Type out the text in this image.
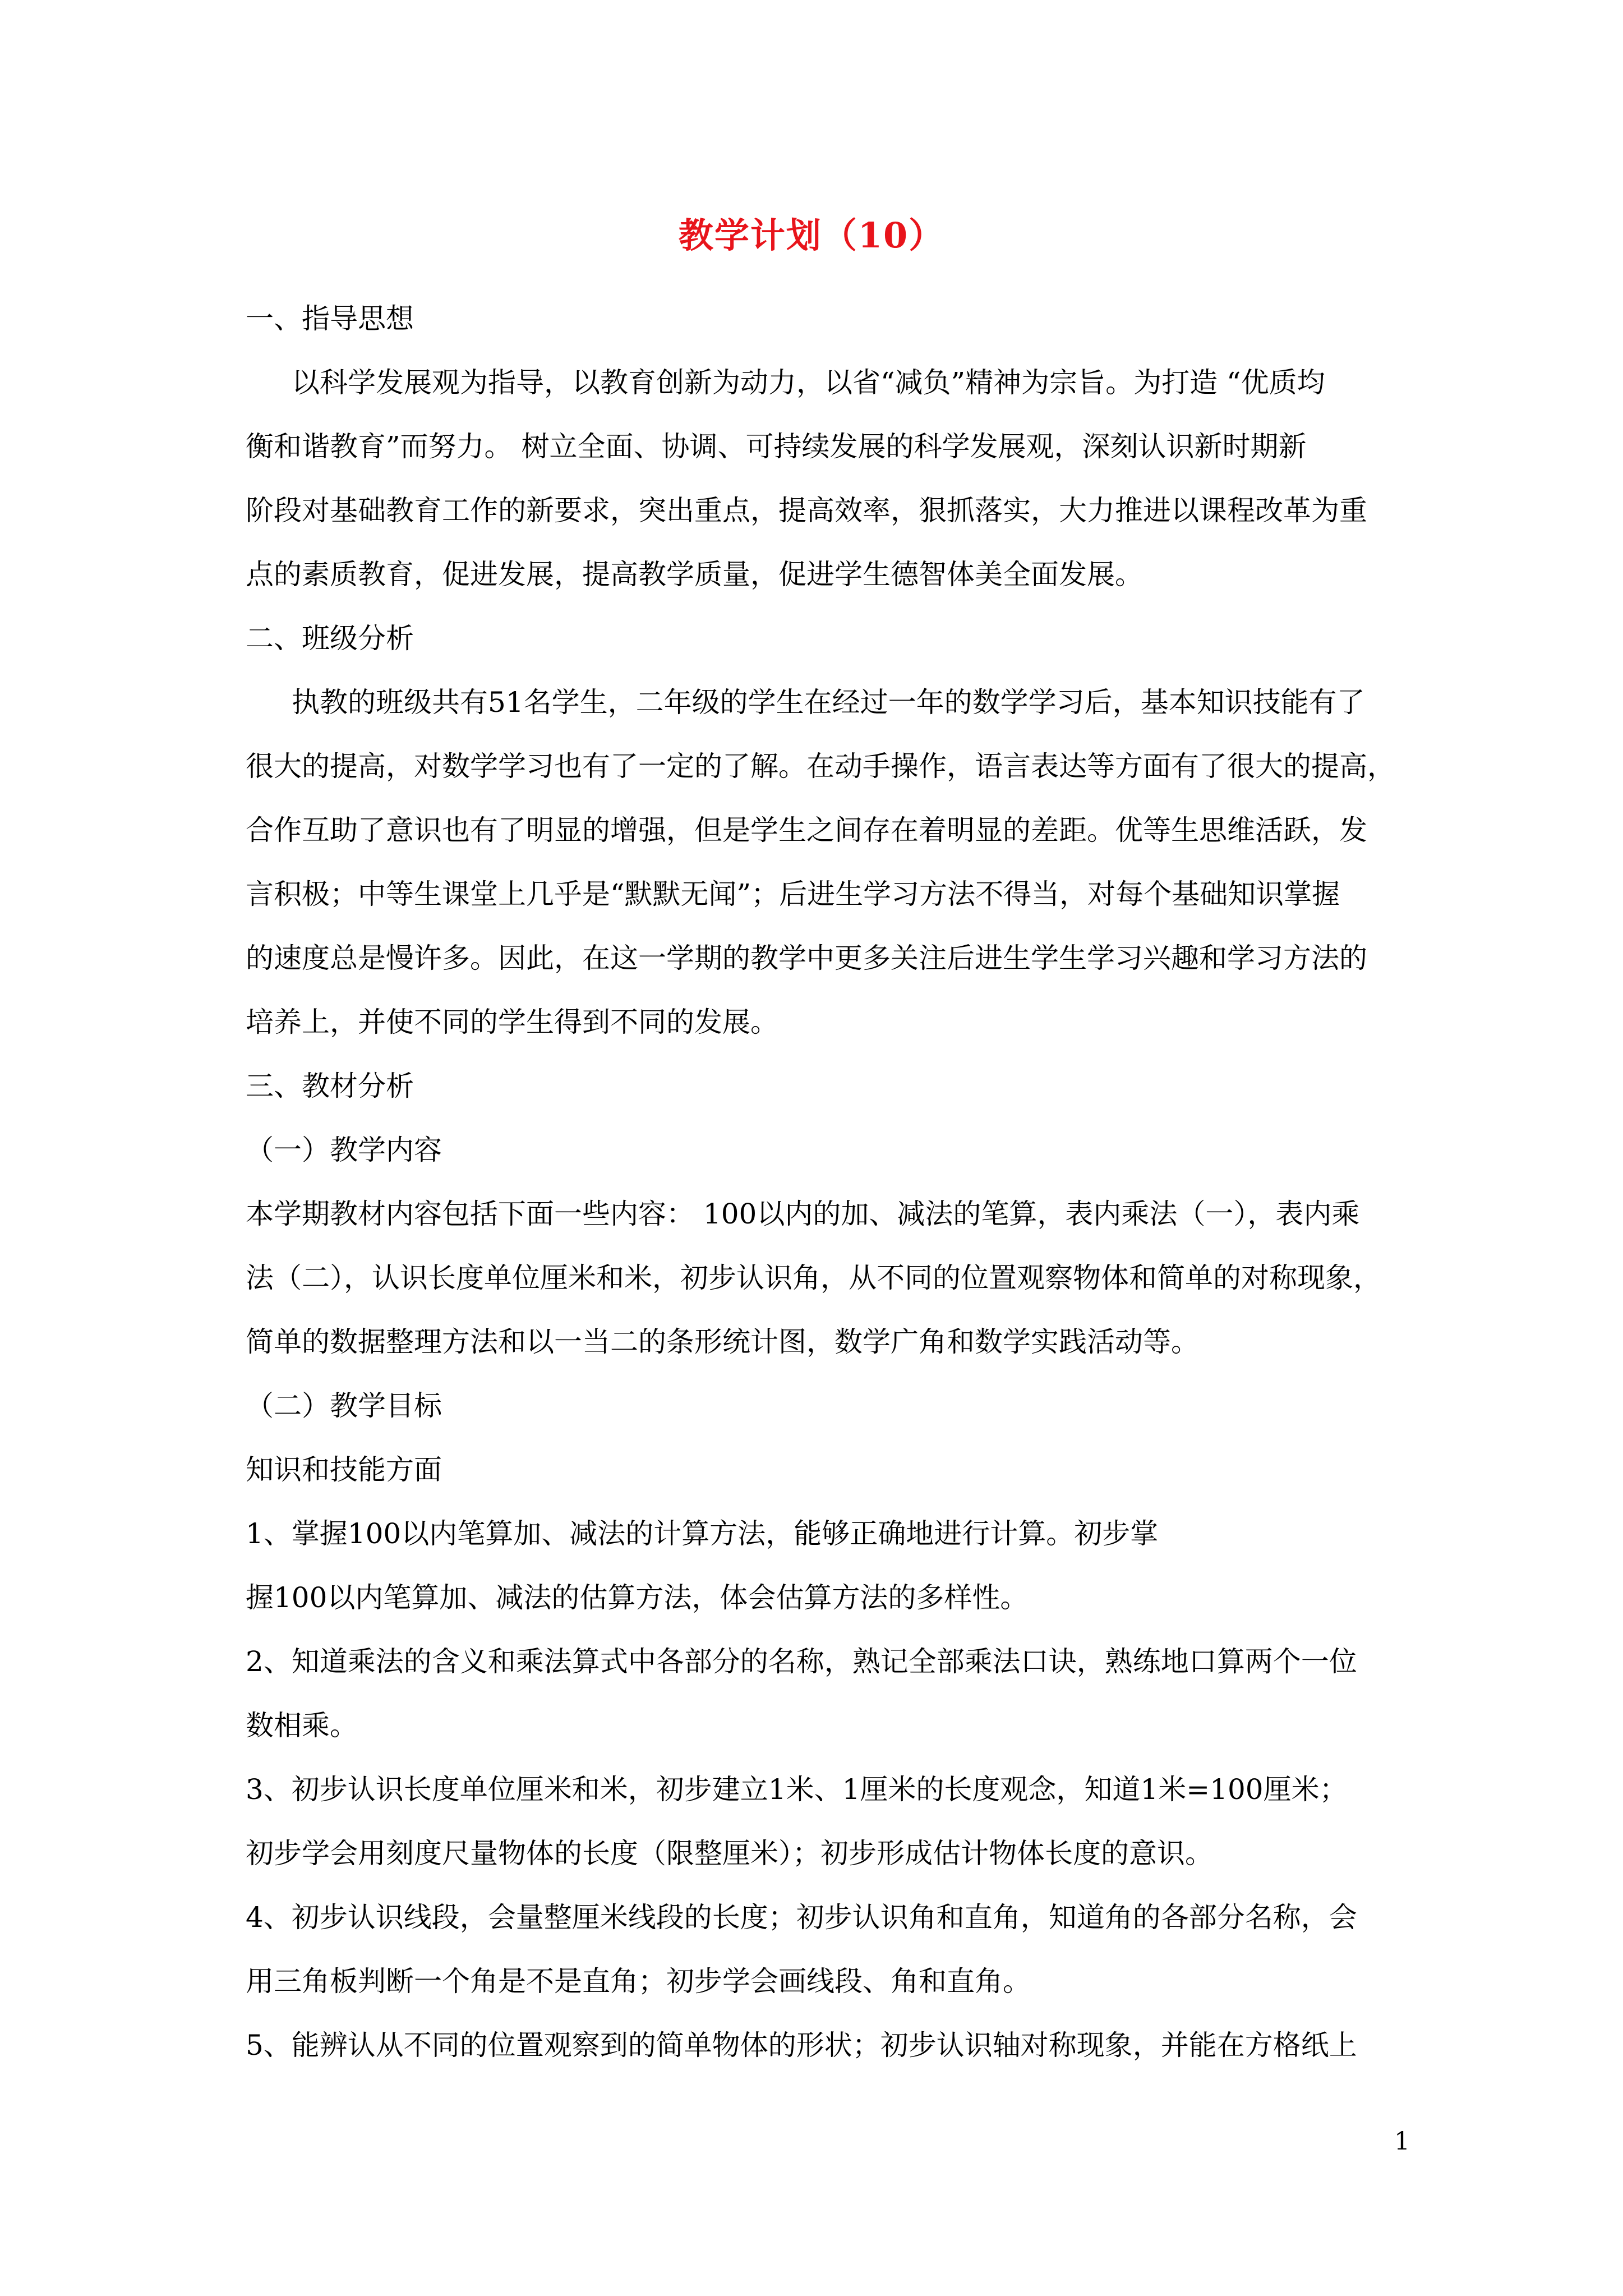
教学计划（10）
一、指导思想
以科学发展观为指导，以教育创新为动力，以省“减负”精神为宗旨。为打造 “优质均
衡和谐教育”而努力。 树立全面、协调、可持续发展的科学发展观，深刻认识新时期新
阶段对基础教育工作的新要求，突出重点，提高效率，狠抓落实，大力推进以课程改革为重
点的素质教育，促进发展，提高教学质量，促进学生德智体美全面发展。
二、班级分析
执教的班级共有51名学生，二年级的学生在经过一年的数学学习后，基本知识技能有了
很大的提高，对数学学习也有了一定的了解。在动手操作，语言表达等方面有了很大的提高，
合作互助了意识也有了明显的增强，但是学生之间存在着明显的差距。优等生思维活跃，发
言积极；中等生课堂上几乎是“默默无闻”；后进生学习方法不得当，对每个基础知识掌握
的速度总是慢许多。因此，在这一学期的教学中更多关注后进生学生学习兴趣和学习方法的
培养上，并使不同的学生得到不同的发展。
三、教材分析
（一）教学内容
本学期教材内容包括下面一些内容： 100以内的加、减法的笔算，表内乘法（一），表内乘
法（二），认识长度单位厘米和米，初步认识角，从不同的位置观察物体和简单的对称现象，
简单的数据整理方法和以一当二的条形统计图，数学广角和数学实践活动等。
（二）教学目标
知识和技能方面
1、掌握100以内笔算加、减法的计算方法，能够正确地进行计算。初步掌
握100以内笔算加、减法的估算方法，体会估算方法的多样性。
2、知道乘法的含义和乘法算式中各部分的名称，熟记全部乘法口诀，熟练地口算两个一位
数相乘。
3、初步认识长度单位厘米和米，初步建立1米、1厘米的长度观念，知道1米=100厘米；
初步学会用刻度尺量物体的长度（限整厘米）；初步形成估计物体长度的意识。
4、初步认识线段，会量整厘米线段的长度；初步认识角和直角，知道角的各部分名称，会
用三角板判断一个角是不是直角；初步学会画线段、角和直角。
5、能辨认从不同的位置观察到的简单物体的形状；初步认识轴对称现象，并能在方格纸上
1
